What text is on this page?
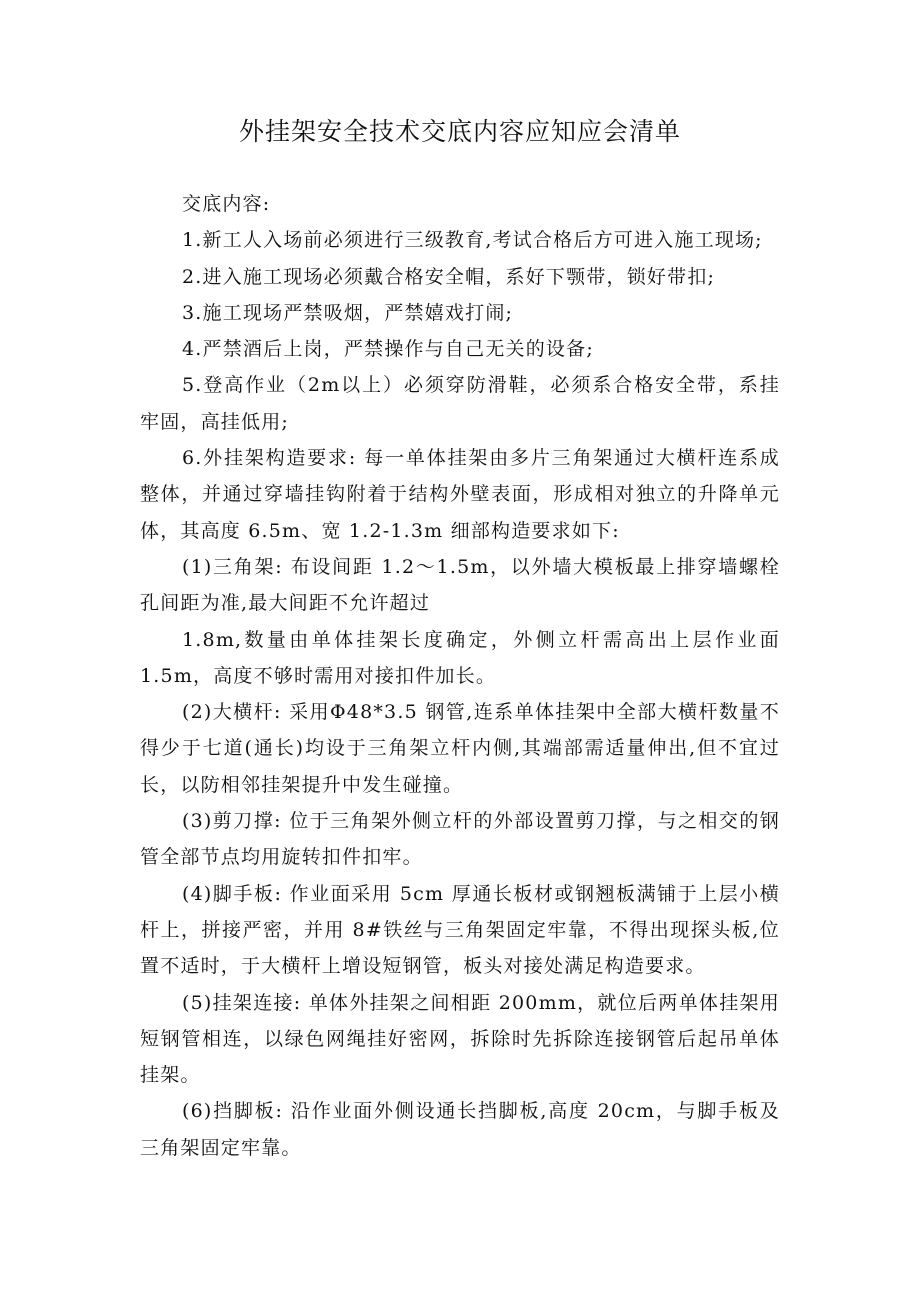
外挂架安全技术交底内容应知应会清单

交底内容:

1.新工人入场前必须进行三级教育,考试合格后方可进入施工现场;

2.进入施工现场必须戴合格安全帽，系好下颚带，锁好带扣;

3.施工现场严禁吸烟，严禁嬉戏打闹;

4.严禁酒后上岗，严禁操作与自己无关的设备;

5.登高作业（2m以上）必须穿防滑鞋，必须系合格安全带，系挂牢固，高挂低用;

6.外挂架构造要求: 每一单体挂架由多片三角架通过大横杆连系成整体，并通过穿墙挂钩附着于结构外壁表面，形成相对独立的升降单元体，其高度 6.5m、宽 1.2-1.3m 细部构造要求如下:

(1)三角架: 布设间距 1.2～1.5m，以外墙大模板最上排穿墙螺栓孔间距为准,最大间距不允许超过

1.8m,数量由单体挂架长度确定，外侧立杆需高出上层作业面 1.5m，高度不够时需用对接扣件加长。

(2)大横杆: 采用Φ48*3.5 钢管,连系单体挂架中全部大横杆数量不得少于七道(通长)均设于三角架立杆内侧,其端部需适量伸出,但不宜过长，以防相邻挂架提升中发生碰撞。

(3)剪刀撑: 位于三角架外侧立杆的外部设置剪刀撑，与之相交的钢管全部节点均用旋转扣件扣牢。

(4)脚手板: 作业面采用 5cm 厚通长板材或钢翘板满铺于上层小横杆上，拼接严密，并用 8#铁丝与三角架固定牢靠，不得出现探头板,位置不适时，于大横杆上增设短钢管，板头对接处满足构造要求。

(5)挂架连接: 单体外挂架之间相距 200mm，就位后两单体挂架用短钢管相连，以绿色网绳挂好密网，拆除时先拆除连接钢管后起吊单体挂架。

(6)挡脚板: 沿作业面外侧设通长挡脚板,高度 20cm，与脚手板及三角架固定牢靠。
